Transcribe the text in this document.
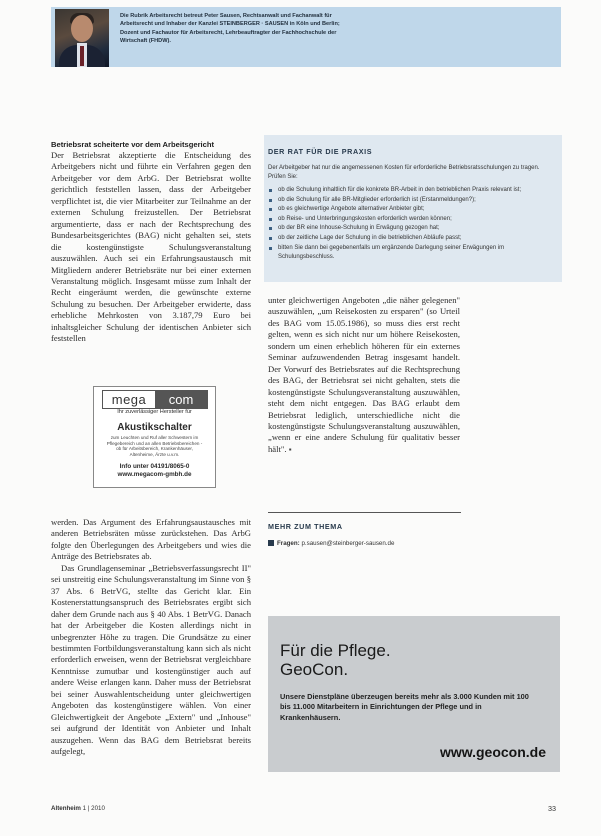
Die Rubrik Arbeitsrecht betreut Peter Sausen, Rechtsanwalt und Fachanwalt für Arbeitsrecht und Inhaber der Kanzlei STEINBERGER · SAUSEN in Köln und Berlin; Dozent und Fachautor für Arbeitsrecht, Lehrbeauftragter der Fachhochschule der Wirtschaft (FHDW).
Betriebsrat scheiterte vor dem Arbeitsgericht
Der Betriebsrat akzeptierte die Entscheidung des Arbeitgebers nicht und führte ein Verfahren gegen den Arbeitgeber vor dem ArbG. Der Betriebsrat wollte gerichtlich feststellen lassen, dass der Arbeitgeber verpflichtet ist, die vier Mitarbeiter zur Teilnahme an der externen Schulung freizustellen. Der Betriebsrat argumentierte, dass er nach der Rechtsprechung des Bundesarbeitsgerichtes (BAG) nicht gehalten sei, stets die kostengünstigste Schulungsveranstaltung auszuwählen. Auch sei ein Erfahrungsaustausch mit Mitgliedern anderer Betriebsräte nur bei einer externen Veranstaltung möglich. Insgesamt müsse zum Inhalt der Recht eingeräumt werden, die gewünschte externe Schulung zu besuchen. Der Arbeitgeber erwiderte, dass erhebliche Mehrkosten von 3.187,79 Euro bei inhaltsgleicher Schulung der identischen Anbieter sich feststellen
mega	com
Ihr zuverlässiger Hersteller für
Akustikschalter
zum Leuchten und Ruf aller Schwestern im Pflegebereich und an allen Betriebsbereichen - ob für Arbeitsbereich, Krankenhäuser, Altenheime, Ärzte u.v.m.
Info unter 04191/8065-0
www.megacom-gmbh.de
werden. Das Argument des Erfahrungsaustausches mit anderen Betriebsräten müsse zurückstehen. Das ArbG folgte den Überlegungen des Arbeitgebers und wies die Anträge des Betriebsrates ab.
Das Grundlagenseminar „Betriebsverfassungsrecht II" sei unstreitig eine Schulungsveranstaltung im Sinne von § 37 Abs. 6 BetrVG, stellte das Gericht klar. Ein Kostenerstattungsanspruch des Betriebsrates ergibt sich daher dem Grunde nach aus § 40 Abs. 1 BetrVG. Danach hat der Arbeitgeber die Kosten allerdings nicht in unbegrenzter Höhe zu tragen. Die Grundsätze zu einer bestimmten Fortbildungsveranstaltung kann sich als nicht erforderlich erweisen, wenn der Betriebsrat vergleichbare Kenntnisse zumutbar und kostengünstiger auch auf andere Weise erlangen kann. Daher muss der Betriebsrat bei seiner Auswahlentscheidung unter gleichwertigen Angeboten das kostengünstigere wählen. Von einer Gleichwertigkeit der Angebote „Extern" und „Inhouse" sei aufgrund der Identität von Anbieter und Inhalt auszugehen. Wenn das BAG dem Betriebsrat bereits aufgelegt,
DER RAT FÜR DIE PRAXIS
Der Arbeitgeber hat nur die angemessenen Kosten für erforderliche Betriebsratsschulungen zu tragen. Prüfen Sie:
ob die Schulung inhaltlich für die konkrete BR-Arbeit in den betrieblichen Praxis relevant ist;
ob die Schulung für alle BR-Mitglieder erforderlich ist (Erstanmeldungen?);
ob es gleichwertige Angebote alternativer Anbieter gibt;
ob Reise- und Unterbringungskosten erforderlich werden können;
ob der BR eine Inhouse-Schulung in Erwägung gezogen hat;
ob der zeitliche Lage der Schulung in die betrieblichen Abläufe passt;
bitten Sie dann bei gegebenenfalls um ergänzende Darlegung seiner Erwägungen im Schulungsbeschluss.
unter gleichwertigen Angeboten „die näher gelegenen" auszuwählen, „um Reisekosten zu ersparen" (so Urteil des BAG vom 15.05.1986), so muss dies erst recht gelten, wenn es sich nicht nur um höhere Reisekosten, sondern um einen erheblich höheren für ein externes Seminar aufzuwendenden Betrag insgesamt handelt. Der Vorwurf des Betriebsrates auf die Rechtsprechung des BAG, der Betriebsrat sei nicht gehalten, stets die kostengünstigste Schulungsveranstaltung auszuwählen, steht dem nicht entgegen. Das BAG erlaubt dem Betriebsrat lediglich, unterschiedliche nicht die kostengünstigste Schulungsveranstaltung auszuwählen, „wenn er eine andere Schulung für qualitativ besser hält". ▪
MEHR ZUM THEMA
Fragen: p.sausen@steinberger-sausen.de
Für die Pflege.
GeoCon.
Unsere Dienstpläne überzeugen bereits mehr als 3.000 Kunden mit 100 bis 11.000 Mitarbeitern in Einrichtungen der Pflege und in Krankenhäusern.
www.geocon.de
Altenheim 1 | 2010	33
